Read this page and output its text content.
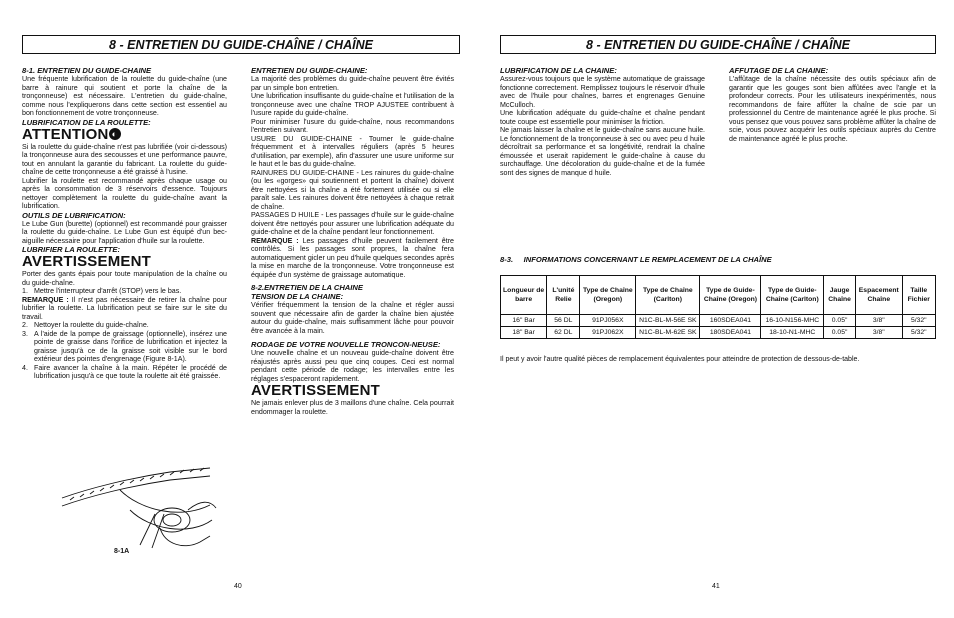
8 - ENTRETIEN DU GUIDE-CHAÎNE / CHAÎNE

8-1. ENTRETIEN DU GUIDE-CHAINE

Une fréquente lubrification de la roulette du guide-chaîne (une barre à rainure qui soutient et porte la chaîne de la tronçonneuse) est nécessaire. L'entretien du guide-chaîne, comme nous l'expliquerons dans cette section est essentiel au bon fonctionnement de votre tronçonneuse.

LUBRIFICATION DE LA ROULETTE:

ATTENTION ◐

Si la roulette du guide-chaîne n'est pas lubrifiée (voir ci-dessous) la tronçonneuse aura des secousses et une performance pauvre, tout en annulant la garantie du fabricant. La roulette du guide-chaîne de cette tronçonneuse a été graissé à l'usine.

Lubrifier la roulette est recommandé après chaque usage ou après la consommation de 3 réservoirs d'essence. Toujours nettoyer complètement la roulette du guide-chaîne avant la lubrification.

OUTILS DE LUBRIFICATION:

Le Lube Gun (burette) (optionnel) est recommandé pour graisser la roulette du guide-chaîne. Le Lube Gun est équipé d'un bec-aiguille nécessaire pour l'application d'huile sur la roulette.

LUBRIFIER LA ROULETTE:

AVERTISSEMENT

Porter des gants épais pour toute manipulation de la chaîne ou du guide-chaîne.

1. Mettre l'interrupteur d'arrêt (STOP) vers le bas.

REMARQUE : Il n'est pas nécessaire de retirer la chaîne pour lubrifier la roulette. La lubrification peut se faire sur le site du travail.

2. Nettoyer la roulette du guide-chaîne.
3. A l'aide de la pompe de graissage (optionnelle), insérez une pointe de graisse dans l'orifice de lubrification et injectez la graisse jusqu'à ce de la graisse soit visible sur le bord extérieur des pointes d'engrenage (Figure 8-1A).
4. Faire avancer la chaîne à la main. Répéter le procédé de lubrification jusqu'à ce que toute la roulette ait été graissée.
8-1A

ENTRETIEN DU GUIDE-CHAINE:

La majorité des problèmes du guide-chaîne peuvent être évités par un simple bon entretien.

Une lubrification insuffisante du guide-chaîne et l'utilisation de la tronçonneuse avec une chaîne TROP AJUSTEE contribuent à l'usure rapide du guide-chaîne.

Pour minimiser l'usure du guide-chaîne, nous recommandons l'entretien suivant.

USURE DU GUIDE-CHAINE - Tourner le guide-chaîne fréquemment et à intervalles réguliers (après 5 heures d'utilisation, par exemple), afin d'assurer une usure uniforme sur le haut et le bas du guide-chaîne.

RAINURES DU GUIDE-CHAINE - Les rainures du guide-chaîne (ou les «gorges» qui soutiennent et portent la chaîne) doivent être nettoyées si la chaîne a été fortement utilisée ou si elle paraît sale. Les rainures doivent être nettoyées à chaque retrait de chaîne.

PASSAGES D HUILE - Les passages d'huile sur le guide-chaîne doivent être nettoyés pour assurer une lubrification adéquate du guide-chaîne et de la chaîne pendant leur fonctionnement.

REMARQUE : Les passages d'huile peuvent facilement être contrôlés. Si les passages sont propres, la chaîne fera automatiquement gicler un peu d'huile quelques secondes après la mise en marche de la tronçonneuse. Votre tronçonneuse est équipée d'un système de graissage automatique.

8-2.ENTRETIEN DE LA CHAINE

TENSION DE LA CHAINE:

Vérifier fréquemment la tension de la chaîne et régler aussi souvent que nécessaire afin de garder la chaîne bien ajustée autour du guide-chaîne, mais suffisamment lâche pour pouvoir être avancée à la main.

RODAGE DE VOTRE NOUVELLE TRONCON-NEUSE:

Une nouvelle chaîne et un nouveau guide-chaîne doivent être réajustés après aussi peu que cinq coupes. Ceci est normal pendant cette période de rodage; les intervalles entre les réglages s'espaceront rapidement.

AVERTISSEMENT

Ne jamais enlever plus de 3 maillons d'une chaîne. Cela pourrait endommager la roulette.

40
8 - ENTRETIEN DU GUIDE-CHAÎNE / CHAÎNE

LUBRIFICATION DE LA CHAINE:

Assurez-vous toujours que le système automatique de graissage fonctionne correctement. Remplissez toujours le réservoir d'huile avec de l'huile pour chaînes, barres et engrenages Genuine McCulloch.

Une lubrification adéquate du guide-chaîne et chaîne pendant toute coupe est essentielle pour minimiser la friction.

Ne jamais laisser la chaîne et le guide-chaîne sans aucune huile. Le fonctionnement de la tronçonneuse à sec ou avec peu d huile décroîtrait sa performance et sa longétivité, rendrait la chaîne émoussée et userait rapidement le guide-chaîne à cause du surchauffage. Une décoloration du guide-chaîne et de la fumée sont des signes de manque d huile.

AFFUTAGE DE LA CHAINE:

L'affûtage de la chaîne nécessite des outils spéciaux afin de garantir que les gouges sont bien affûtées avec l'angle et la profondeur corrects. Pour les utilisateurs inexpérimentés, nous recommandons de faire affûter la chaîne de scie par un professionnel du Centre de maintenance agréé le plus proche. Si vous pensez que vous pouvez sans problème affûter la chaîne de scie, vous pouvez acquérir les outils spéciaux auprès du Centre de maintenance agréé le plus proche.

8-3.     INFORMATIONS CONCERNANT LE REMPLACEMENT DE LA CHAÎNE

Longueur de barre	L'unité Relie	Type de Chaîne (Oregon)	Type de Chaîne (Carlton)	Type de Guide-Chaîne (Oregon)	Type de Guide-Chaîne (Carlton)	Jauge Chaîne	Espacement Chaîne	Taille Fichier
16" Bar	56 DL	91PJ056X	N1C-BL-M-56E SK	160SDEA041	16-10-N156-MHC	0.05"	3/8"	5/32"
18" Bar	62 DL	91PJ062X	N1C-BL-M-62E SK	180SDEA041	18-10-N1-MHC	0.05"	3/8"	5/32"
Il peut y avoir l'autre qualité pièces de remplacement équivalentes pour atteindre de protection de dessous-de-table.
41
